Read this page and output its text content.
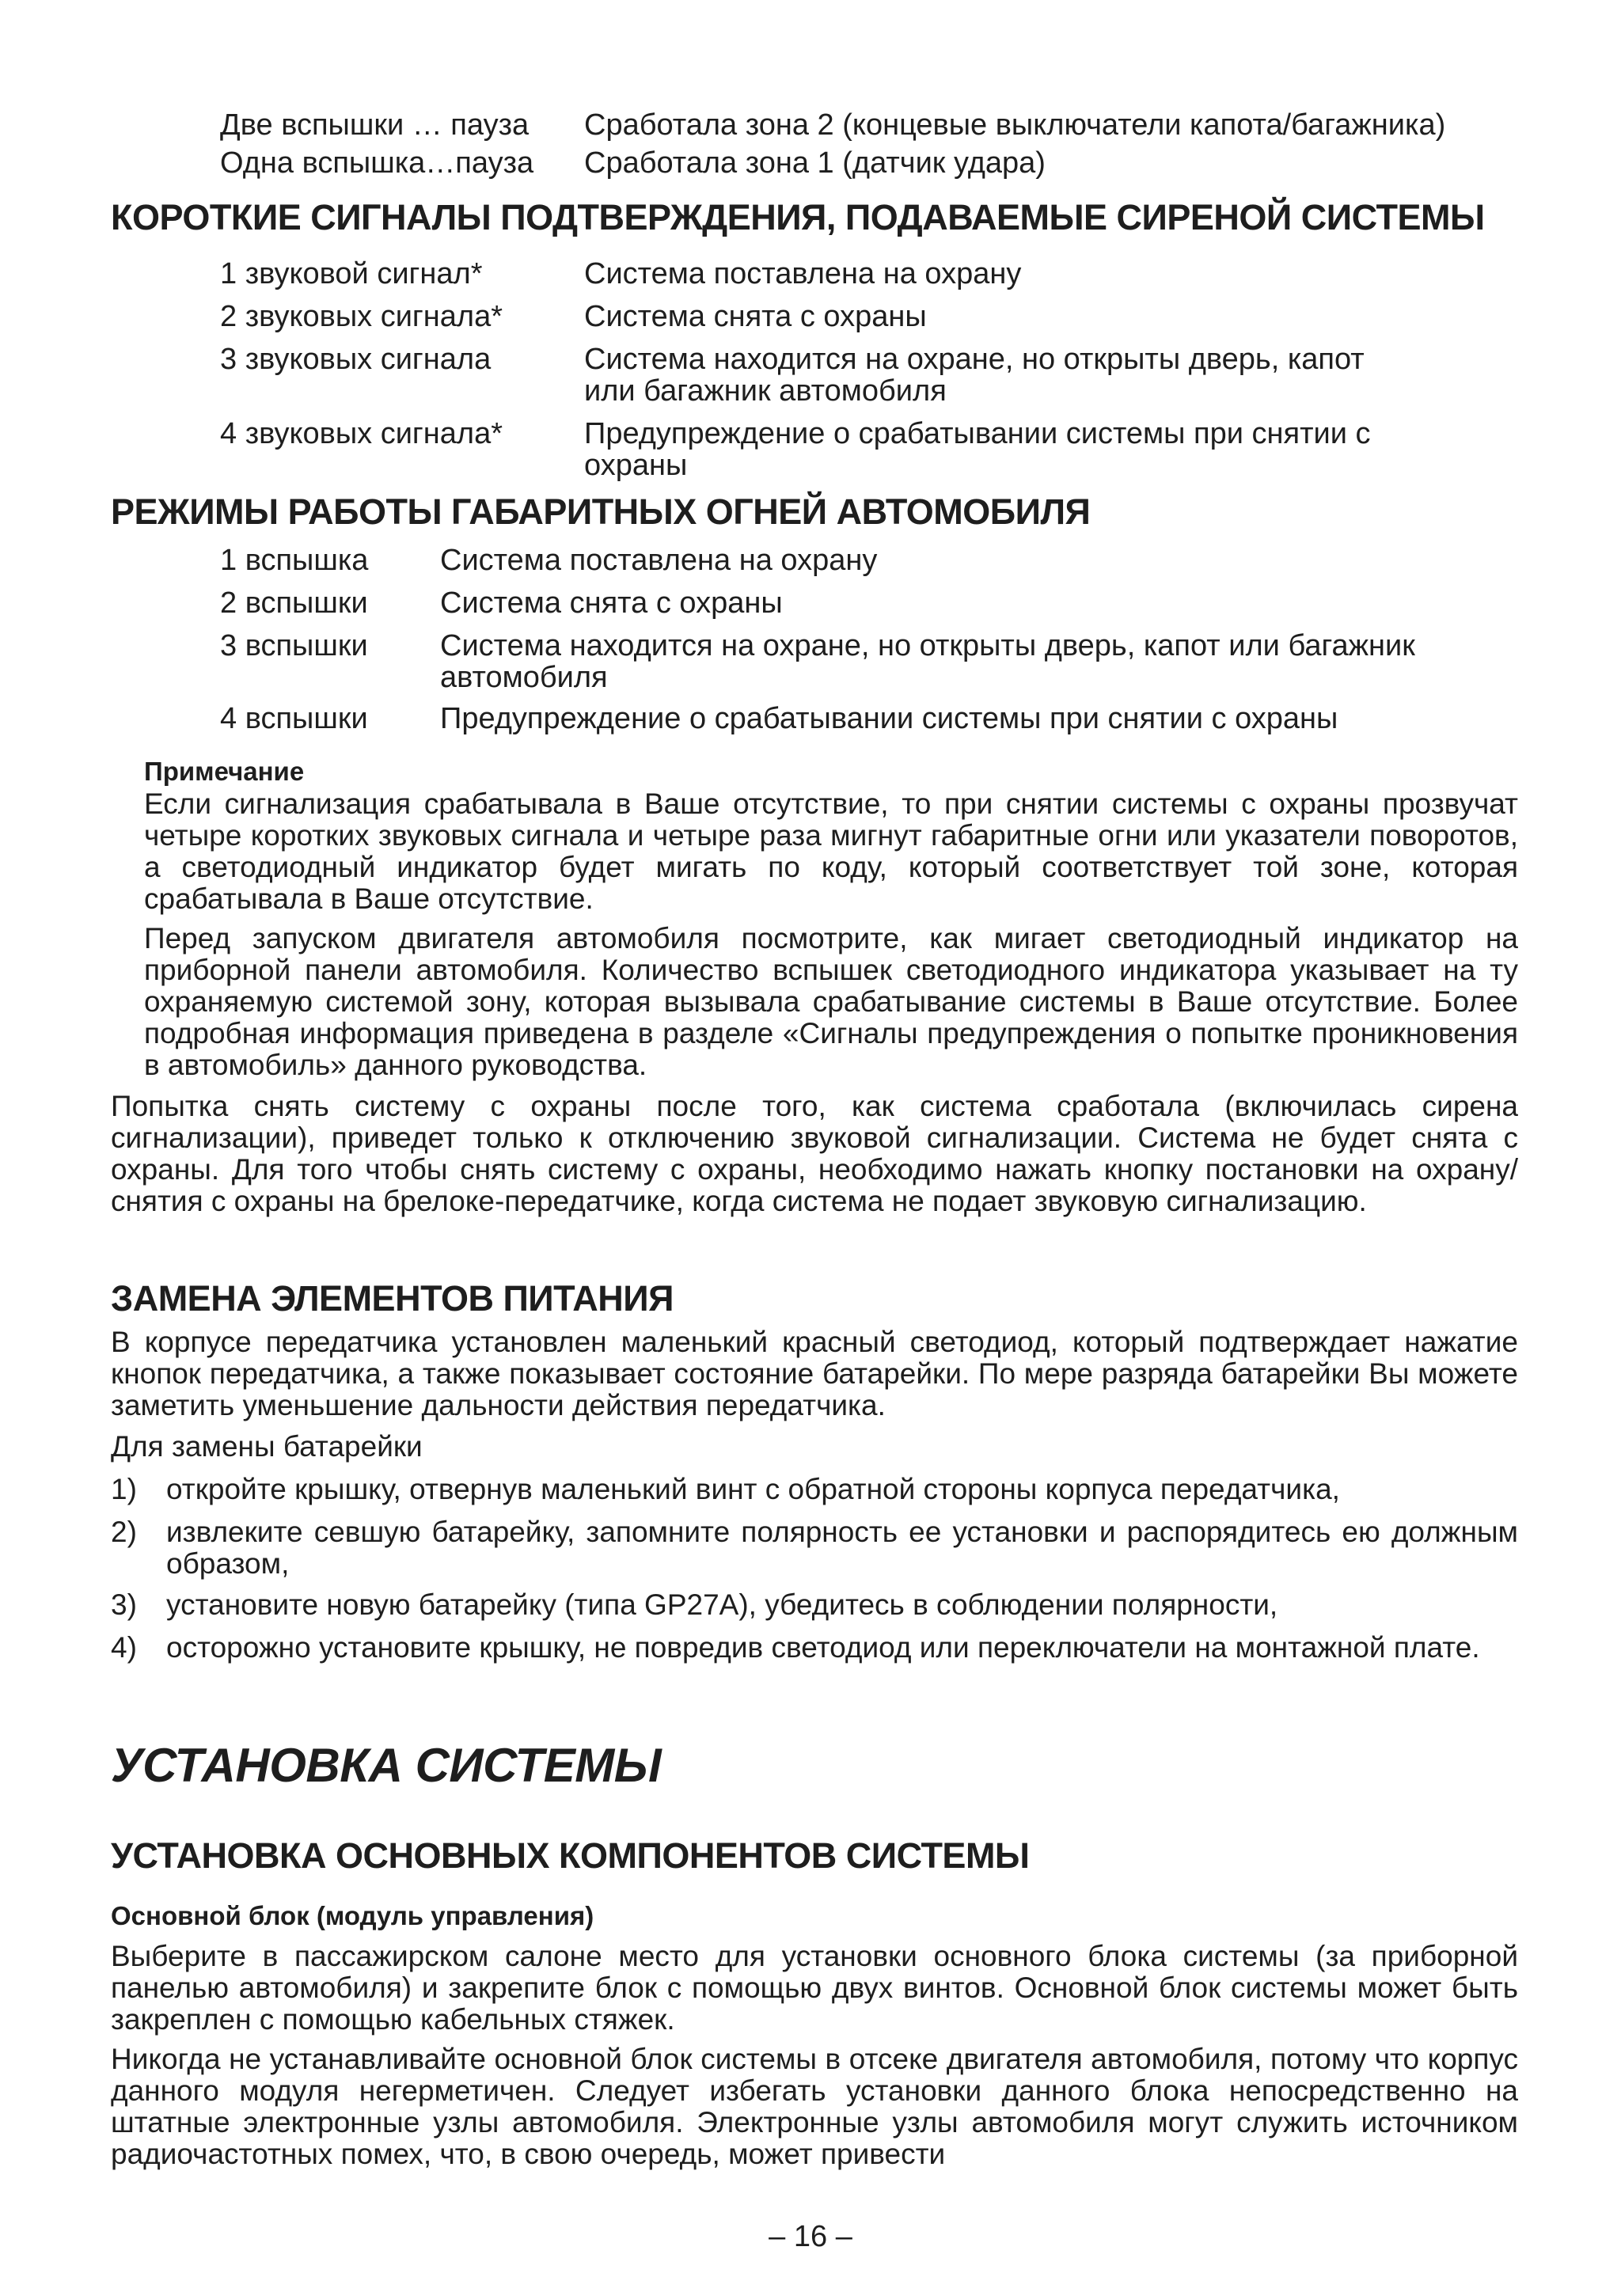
Две вспышки … пауза	Сработала зона 2 (концевые выключатели капота/багажника)
Одна вспышка…пауза	Сработала зона 1 (датчик удара)
КОРОТКИЕ СИГНАЛЫ ПОДТВЕРЖДЕНИЯ, ПОДАВАЕМЫЕ СИРЕНОЙ СИСТЕМЫ
1 звуковой сигнал*	Система поставлена на охрану
2 звуковых сигнала*	Система снята с охраны
3 звуковых сигнала	Система находится на охране, но открыты дверь, капот или багажник автомобиля
4 звуковых сигнала*	Предупреждение о срабатывании системы при снятии с охраны
РЕЖИМЫ РАБОТЫ ГАБАРИТНЫХ ОГНЕЙ АВТОМОБИЛЯ
1 вспышка	Система поставлена на охрану
2 вспышки	Система снята с охраны
3 вспышки	Система находится на охране, но открыты дверь, капот или багажник автомобиля
4 вспышки	Предупреждение о срабатывании системы при снятии с охраны
Примечание
Если сигнализация срабатывала в Ваше отсутствие, то при снятии системы с охраны прозвучат четыре коротких звуковых сигнала и четыре раза мигнут габаритные огни или указатели поворотов, а светодиодный индикатор будет мигать по коду, который соответствует той зоне, которая срабатывала в Ваше отсутствие.
Перед запуском двигателя автомобиля посмотрите, как мигает светодиодный индикатор на приборной панели автомобиля. Количество вспышек светодиодного индикатора указывает на ту охраняемую системой зону, которая вызывала срабатывание системы в Ваше отсутствие. Более подробная информация приведена в разделе «Сигналы предупреждения о попытке проникновения в автомобиль» данного руководства.
Попытка снять систему с охраны после того, как система сработала (включилась сирена сигнализации), приведет только к отключению звуковой сигнализации. Система не будет снята с охраны. Для того чтобы снять систему с охраны, необходимо нажать кнопку постановки на охрану/снятия с охраны на брелоке-передатчике, когда система не подает звуковую сигнализацию.
ЗАМЕНА ЭЛЕМЕНТОВ ПИТАНИЯ
В корпусе передатчика установлен маленький красный светодиод, который подтверждает нажатие кнопок передатчика, а также показывает состояние батарейки. По мере разряда батарейки Вы можете заметить уменьшение дальности действия передатчика.
Для замены батарейки
1)	откройте крышку, отвернув маленький винт с обратной стороны корпуса передатчика,
2)	извлеките севшую батарейку, запомните полярность ее установки и распорядитесь ею должным образом,
3)	установите новую батарейку (типа GP27A), убедитесь в соблюдении полярности,
4)	осторожно установите крышку, не повредив светодиод или переключатели на монтажной плате.
УСТАНОВКА СИСТЕМЫ
УСТАНОВКА ОСНОВНЫХ КОМПОНЕНТОВ СИСТЕМЫ
Основной блок (модуль управления)
Выберите в пассажирском салоне место для установки основного блока системы (за приборной панелью автомобиля) и закрепите блок с помощью двух винтов. Основной блок системы может быть закреплен с помощью кабельных стяжек.
Никогда не устанавливайте основной блок системы в отсеке двигателя автомобиля, потому что корпус данного модуля негерметичен. Следует избегать установки данного блока непосредственно на штатные электронные узлы автомобиля. Электронные узлы автомобиля могут служить источником радиочастотных помех, что, в свою очередь, может привести
– 16 –
